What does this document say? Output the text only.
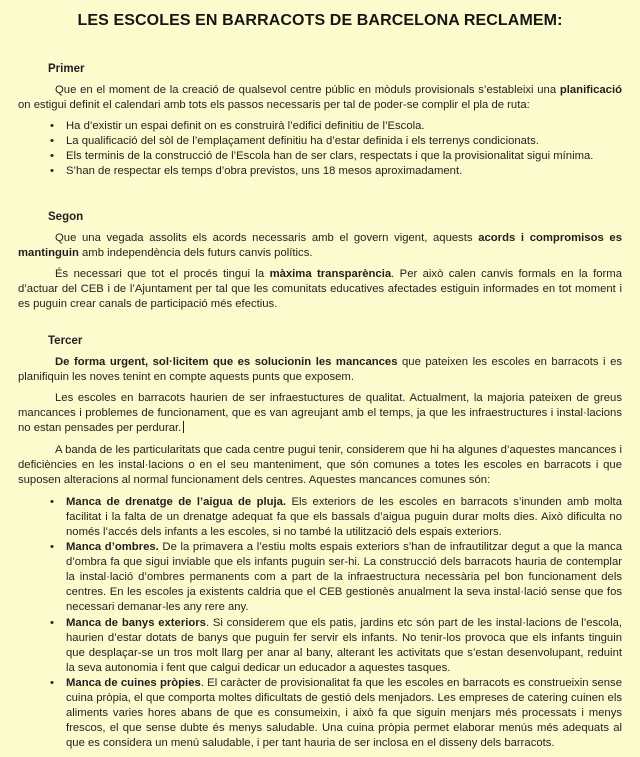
LES ESCOLES EN BARRACOTS DE BARCELONA RECLAMEM:
Primer

Que en el moment de la creació de qualsevol centre públic en mòduls provisionals s’estableixi una planificació on estigui definit el calendari amb tots els passos necessaris per tal de poder-se complir el pla de ruta:

• Ha d’existir un espai definit on es construirà l’edifici definitiu de l’Escola.
• La qualificació del sòl de l’emplaçament definitiu ha d’estar definida i els terrenys condicionats.
• Els terminis de la construcció de l’Escola han de ser clars, respectats i que la provisionalitat sigui mínima.
• S’han de respectar els temps d’obra previstos, uns 18 mesos aproximadament.
Segon

Que una vegada assolits els acords necessaris amb el govern vigent, aquests acords i compromisos es mantinguin amb independència dels futurs canvis polítics.

És necessari que tot el procés tingui la màxima transparència. Per això calen canvis formals en la forma d’actuar del CEB i de l’Ajuntament per tal que les comunitats educatives afectades estiguin informades en tot moment i es puguin crear canals de participació més efectius.

Tercer

De forma urgent, sol·licitem que es solucionin les mancances que pateixen les escoles en barracots i es planifiquin les noves tenint en compte aquests punts que exposem.

Les escoles en barracots haurien de ser infraestuctures de qualitat. Actualment, la majoria pateixen de greus mancances i problemes de funcionament, que es van agreujant amb el temps, ja que les infraestructures i instal·lacions no estan pensades per perdurar.

A banda de les particularitats que cada centre pugui tenir, considerem que hi ha algunes d’aquestes mancances i deficiències en les instal·lacions o en el seu manteniment, que són comunes a totes les escoles en barracots i que suposen alteracions al normal funcionament dels centres. Aquestes mancances comunes són:

• Manca de drenatge de l’aigua de pluja. Els exteriors de les escoles en barracots s’inunden amb molta facilitat i la falta de un drenatge adequat fa que els bassals d’aigua puguin durar molts dies. Això dificulta no només l’accés dels infants a les escoles, si no també la utilització dels espais exteriors.
• Manca d’ombres. De la primavera a l’estiu molts espais exteriors s’han de infrautilitzar degut a que la manca d’ombra fa que sigui inviable que els infants puguin ser-hi. La construcció dels barracots hauria de contemplar la instal·lació d’ombres permanents com a part de la infraestructura necessària pel bon funcionament dels centres. En les escoles ja existents caldria que el CEB gestionès anualment la seva instal·lació sense que fos necessari demanar-les any rere any.
• Manca de banys exteriors. Si considerem que els patis, jardins etc són part de les instal·lacions de l’escola, haurien d’estar dotats de banys que puguin fer servir els infants. No tenir-los provoca que els infants tinguin que desplaçar-se un tros molt llarg per anar al bany, alterant les activitats que s’estan desenvolupant, reduint la seva autonomia i fent que calgui dedicar un educador a aquestes tasques.
• Manca de cuines pròpies. El caràcter de provisionalitat fa que les escoles en barracots es construeixin sense cuina pròpia, el que comporta moltes dificultats de gestió dels menjadors. Les empreses de catering cuinen els aliments varies hores abans de que es consumeixin, i això fa que siguin menjars més processats i menys frescos, el que sense dubte és menys saludable. Una cuina pròpia permet elaborar menús més adequats al que es considera un menú saludable, i per tant hauria de ser inclosa en el disseny dels barracots.
